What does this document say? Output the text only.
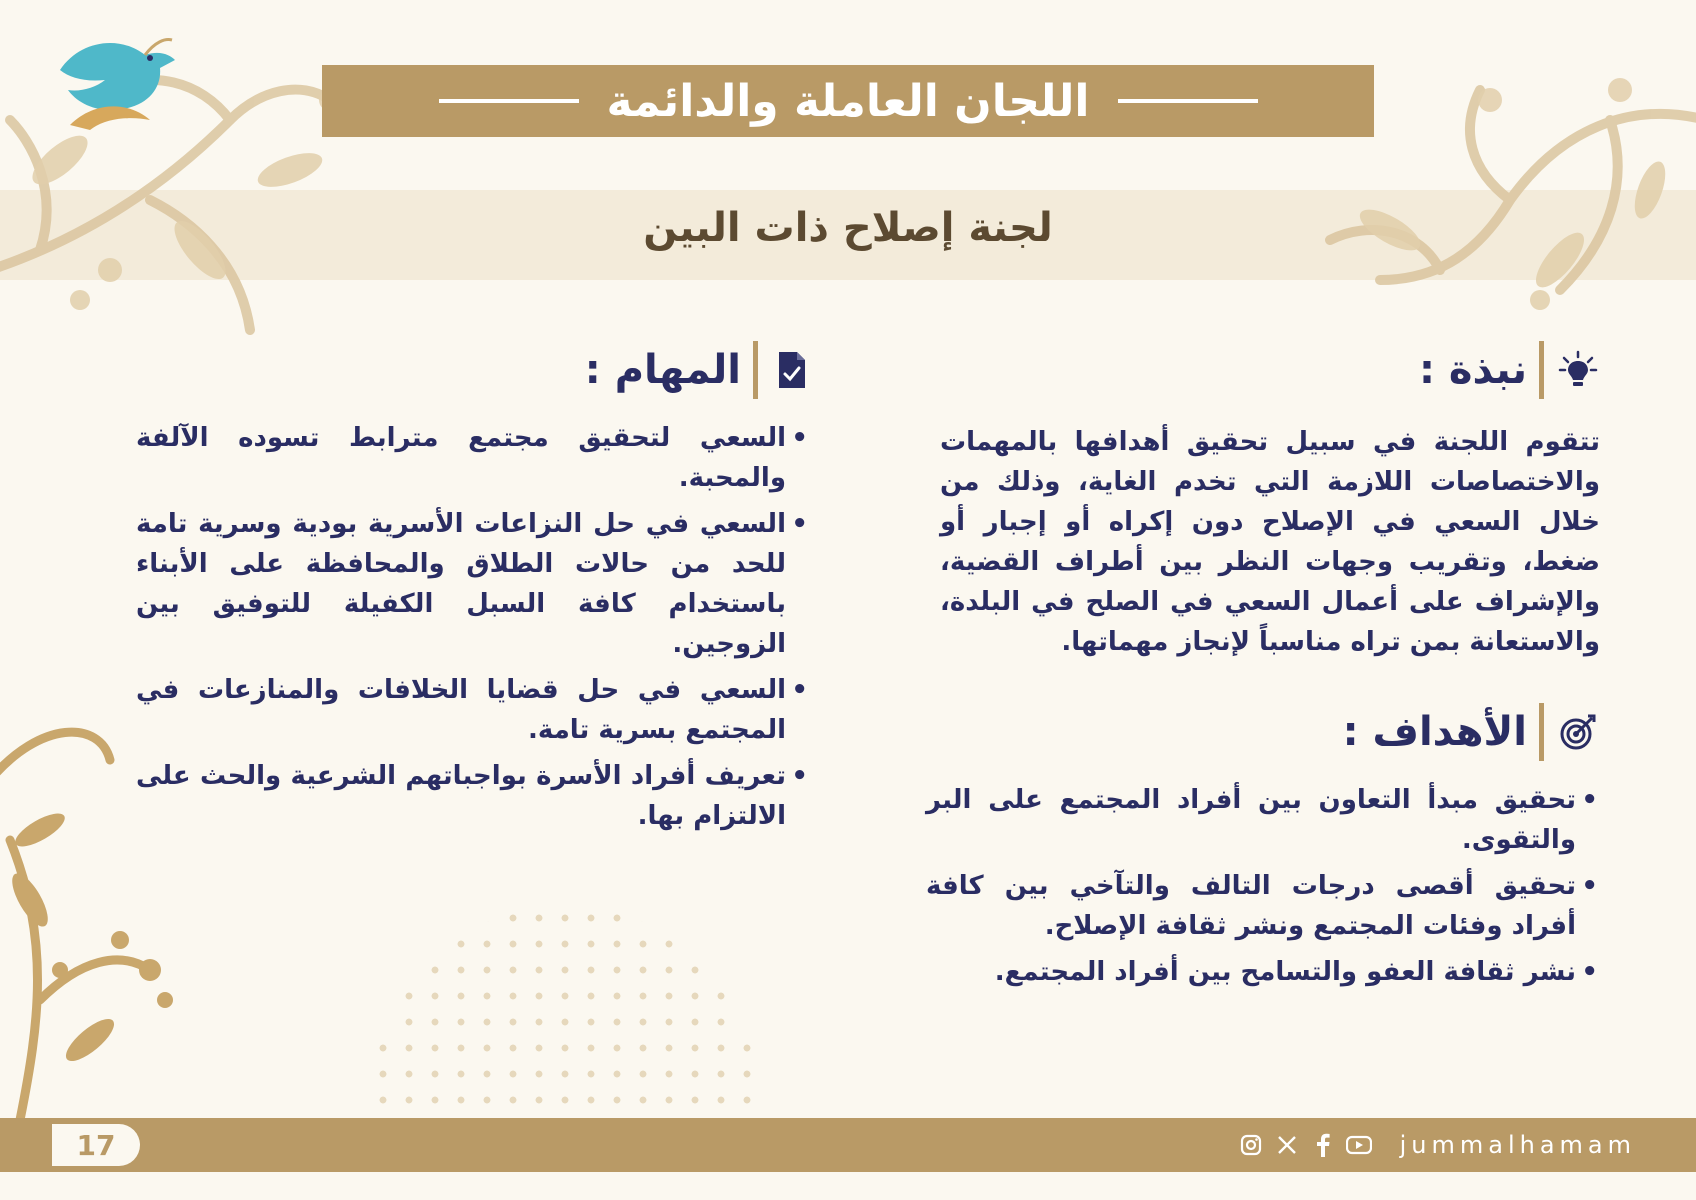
اللجان العاملة والدائمة
لجنة إصلاح ذات البين
نبذة :

تتقوم اللجنة في سبيل تحقيق أهدافها بالمهمات والاختصاصات اللازمة التي تخدم الغاية، وذلك من خلال السعي في الإصلاح دون إكراه أو إجبار أو ضغط، وتقريب وجهات النظر بين أطراف القضية، والإشراف على أعمال السعي في الصلح في البلدة، والاستعانة بمن تراه مناسباً لإنجاز مهماتها.

الأهداف :
• تحقيق مبدأ التعاون بين أفراد المجتمع على البر والتقوى.
• تحقيق أقصى درجات التالف والتآخي بين كافة أفراد وفئات المجتمع ونشر ثقافة الإصلاح.
• نشر ثقافة العفو والتسامح بين أفراد المجتمع.
المهام :
• السعي لتحقيق مجتمع مترابط تسوده الآلفة والمحبة.
• السعي في حل النزاعات الأسرية بودية وسرية تامة للحد من حالات الطلاق والمحافظة على الأبناء باستخدام كافة السبل الكفيلة للتوفيق بين الزوجين.
• السعي في حل قضايا الخلافات والمنازعات في المجتمع بسرية تامة.
• تعريف أفراد الأسرة بواجباتهم الشرعية والحث على الالتزام بها.
17	jummalhamam
